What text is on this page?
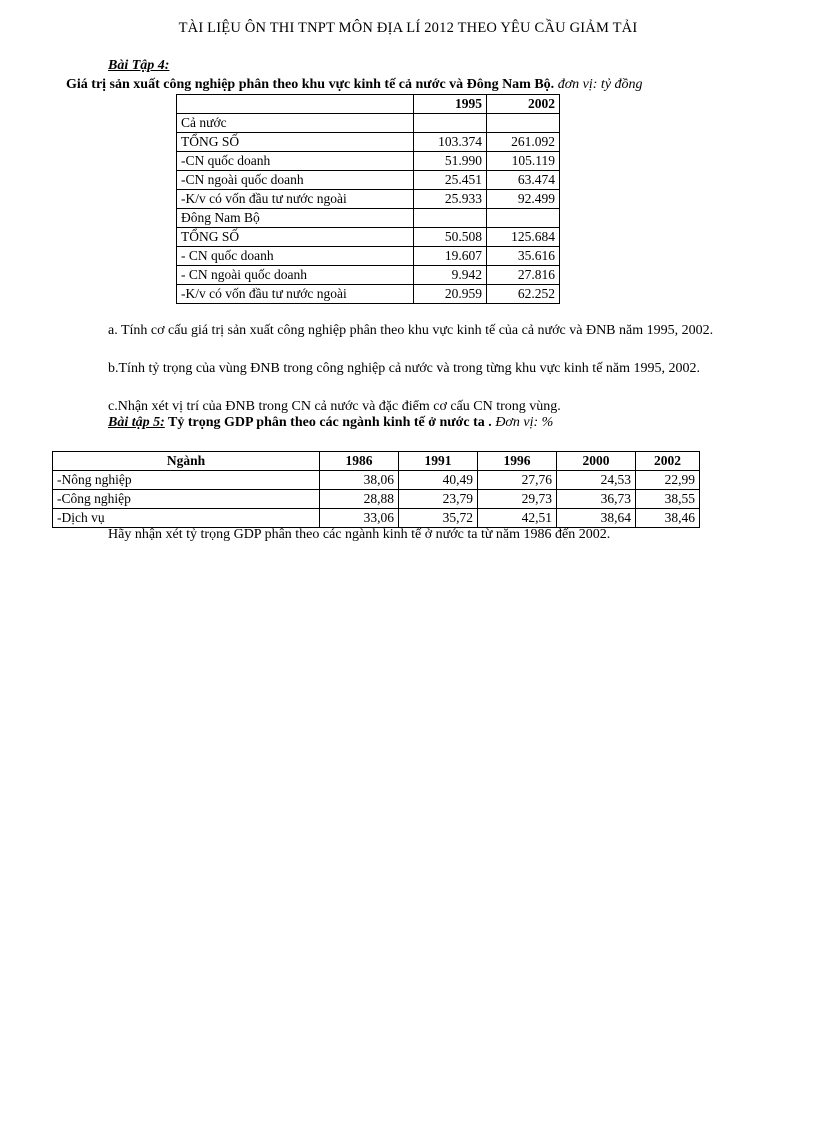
TÀI LIỆU ÔN THI TNPT MÔN ĐỊA LÍ 2012 THEO YÊU CẦU GIẢM TẢI
Bài Tập 4:
Giá trị sản xuất công nghiệp phân theo khu vực kinh tế cả nước và Đông Nam Bộ. đơn vị: tỷ đồng
	1995	2002
Cả nước		
TỔNG SỐ	103.374	261.092
-CN quốc doanh	51.990	105.119
-CN ngoài quốc doanh	25.451	63.474
-K/v có vốn đầu tư nước ngoài	25.933	92.499
Đông Nam Bộ		
TỔNG SỐ	50.508	125.684
- CN quốc doanh	19.607	35.616
- CN ngoài quốc doanh	9.942	27.816
-K/v có vốn đầu tư nước ngoài	20.959	62.252
a. Tính cơ cấu giá trị sản xuất công nghiệp phân theo khu vực kinh tế của cả nước và ĐNB năm 1995, 2002.
b.Tính tỷ trọng của vùng ĐNB trong công nghiệp cả nước và trong từng khu vực kinh tế năm 1995, 2002.
c.Nhận xét vị trí của ĐNB trong CN cả nước và đặc điểm cơ cấu CN trong vùng.
Bài tập 5: Tỷ trọng GDP phân theo các ngành kinh tế ở nước ta . Đơn vị: %
Ngành	1986	1991	1996	2000	2002
-Nông nghiệp	38,06	40,49	27,76	24,53	22,99
-Công nghiệp	28,88	23,79	29,73	36,73	38,55
-Dịch vụ	33,06	35,72	42,51	38,64	38,46
Hãy nhận xét tỷ trọng GDP phân theo các ngành kinh tế ở nước ta từ năm 1986 đến 2002.
